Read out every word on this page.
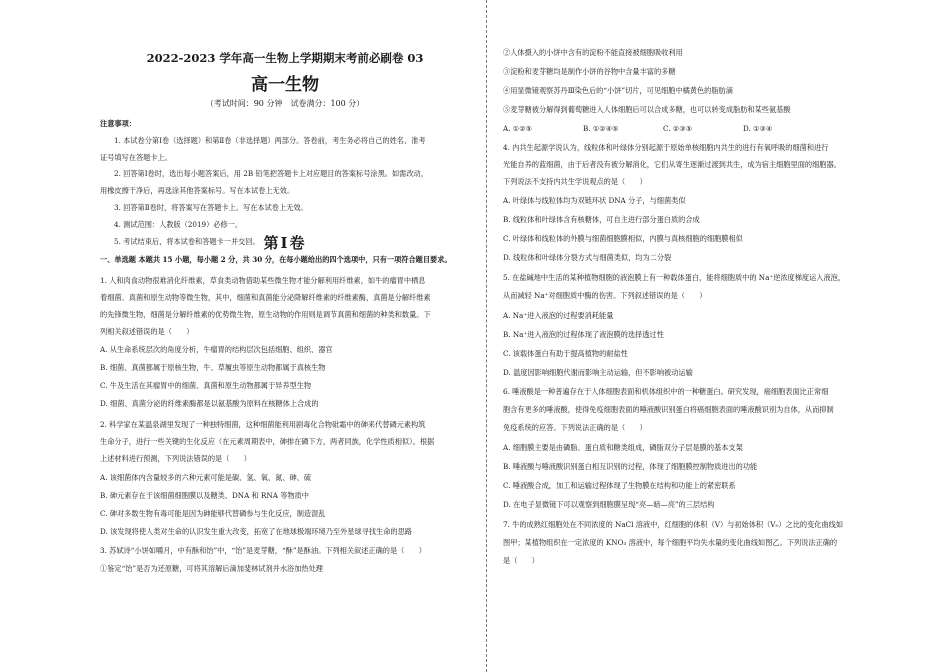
2022-2023 学年高一生物上学期期末考前必刷卷 03
高一生物
（考试时间：90 分钟　试卷满分：100 分）
注意事项：
1. 本试卷分第Ⅰ卷（选择题）和第Ⅱ卷（非选择题）两部分。答卷前，考生务必将自己的姓名、准考
证号填写在答题卡上。
2. 回答第Ⅰ卷时，选出每小题答案后，用 2B 铅笔把答题卡上对应题目的答案标号涂黑。如需改动，
用橡皮擦干净后，再选涂其他答案标号。写在本试卷上无效。
3. 回答第Ⅱ卷时，将答案写在答题卡上。写在本试卷上无效。
4. 测试范围：人教版（2019）必修一。
5. 考试结束后，将本试卷和答题卡一并交回。 第Ⅰ卷
一、单选题 本题共 15 小题，每小题 2 分，共 30 分，在每小题给出的四个选项中，只有一项符合题目要求。
1. 人和肉食动物很难消化纤维素，草食类动物借助某些微生物才能分解利用纤维素，如牛的瘤胃中栖息
着细菌、真菌和原生动物等微生物，其中，细菌和真菌能分泌降解纤维素的纤维素酶，真菌是分解纤维素
的先锋微生物，细菌是分解纤维素的优势微生物，原生动物的作用则是调节真菌和细菌的种类和数量。下
列相关叙述错误的是（　　）
A. 从生命系统层次的角度分析，牛瘤胃的结构层次包括细胞、组织、器官
B. 细菌、真菌都属于原核生物，牛、草履虫等原生动物都属于真核生物
C. 牛及生活在其瘤胃中的细菌、真菌和原生动物都属于异养型生物
D. 细菌、真菌分泌的纤维素酶都是以氨基酸为原料在核糖体上合成的
2. 科学家在某温泉湖里发现了一种独特细菌，这种细菌能利用剧毒化合物砒霜中的砷来代替磷元素构筑
生命分子，进行一些关键的生化反应（在元素周期表中，砷排在磷下方，两者同族，化学性质相似）。根据
上述材料进行预测，下列说法错误的是（　　）
A. 该细菌体内含量较多的六种元素可能是碳、氢、氧、氮、砷、硫
B. 砷元素存在于该细菌细胞膜以及糖类、DNA 和 RNA 等物质中
C. 砷对多数生物有毒可能是因为砷能够代替磷参与生化反应，制造混乱
D. 该发现将使人类对生命的认识发生重大改变，拓宽了在地球极端环境乃至外星球寻找生命的思路
3. 苏轼诗“小饼如嚼月，中有酥和饴”中，“饴”是麦芽糖，“酥”是酥油。下列相关叙述正确的是（　　）
①鉴定“饴”是否为还原糖，可将其溶解后滴加斐林试剂并水浴加热处理
②人体摄入的小饼中含有的淀粉不能直接被细胞吸收利用
③淀粉和麦芽糖均是制作小饼的谷物中含量丰富的多糖
④用显微镜观察苏丹Ⅲ染色后的“小饼”切片，可见细胞中橘黄色的脂肪滴
⑤麦芽糖被分解得到葡萄糖进入人体细胞后可以合成多糖，也可以转变成脂肪和某些氨基酸
A. ①②⑤	B. ①②④⑤	C. ②③⑤	D. ①③④
4. 内共生起源学说认为，线粒体和叶绿体分别起源于原始单核细胞内共生的进行有氧呼吸的细菌和进行
光能自养的蓝细菌，由于后者没有被分解消化，它们从寄生逐渐过渡到共生，成为宿主细胞里面的细胞器。
下列说法不支持内共生学说观点的是（　　）
A. 叶绿体与线粒体均为双链环状 DNA 分子，与细菌类似
B. 线粒体和叶绿体含有核糖体，可自主进行部分蛋白质的合成
C. 叶绿体和线粒体的外膜与细菌细胞膜相似，内膜与真核细胞的细胞膜相似
D. 线粒体和叶绿体分裂方式与细菌类似，均为二分裂
5. 在盐碱地中生活的某种植物细胞的液泡膜上有一种载体蛋白，能将细胞质中的 Na⁺逆浓度梯度运入液泡，
从而减轻 Na⁺对细胞质中酶的伤害。下列叙述错误的是（　　）
A. Na⁺进入液泡的过程要消耗能量
B. Na⁺进入液泡的过程体现了液泡膜的选择透过性
C. 该载体蛋白有助于提高植物的耐盐性
D. 温度因影响细胞代谢而影响主动运输，但不影响被动运输
6. 唾液酸是一种普遍存在于人体细胞表面和机体组织中的一种糖蛋白。研究发现，癌细胞表面比正常细
胞含有更多的唾液酸，使得免疫细胞表面的唾液酸识别蛋白将癌细胞表面的唾液酸识别为自体，从而抑制
免疫系统的应答。下列说法正确的是（　　）
A. 细胞膜主要是由磷脂、蛋白质和糖类组成，磷脂双分子层是膜的基本支架
B. 唾液酸与唾液酸识别蛋白相互识别的过程，体现了细胞膜控制物质进出的功能
C. 唾液酸合成，加工和运输过程体现了生物膜在结构和功能上的紧密联系
D. 在电子显微镜下可以观察到细胞膜呈现“亮—暗—亮”的三层结构
7. 牛的成熟红细胞处在不同浓度的 NaCl 溶液中，红细胞的体积（V）与初始体积（V₀）之比的变化曲线如
图甲；某植物组织在一定浓度的 KNO₃ 溶液中，每个细胞平均失水量的变化曲线如图乙。下列说法正确的
是（　　）
